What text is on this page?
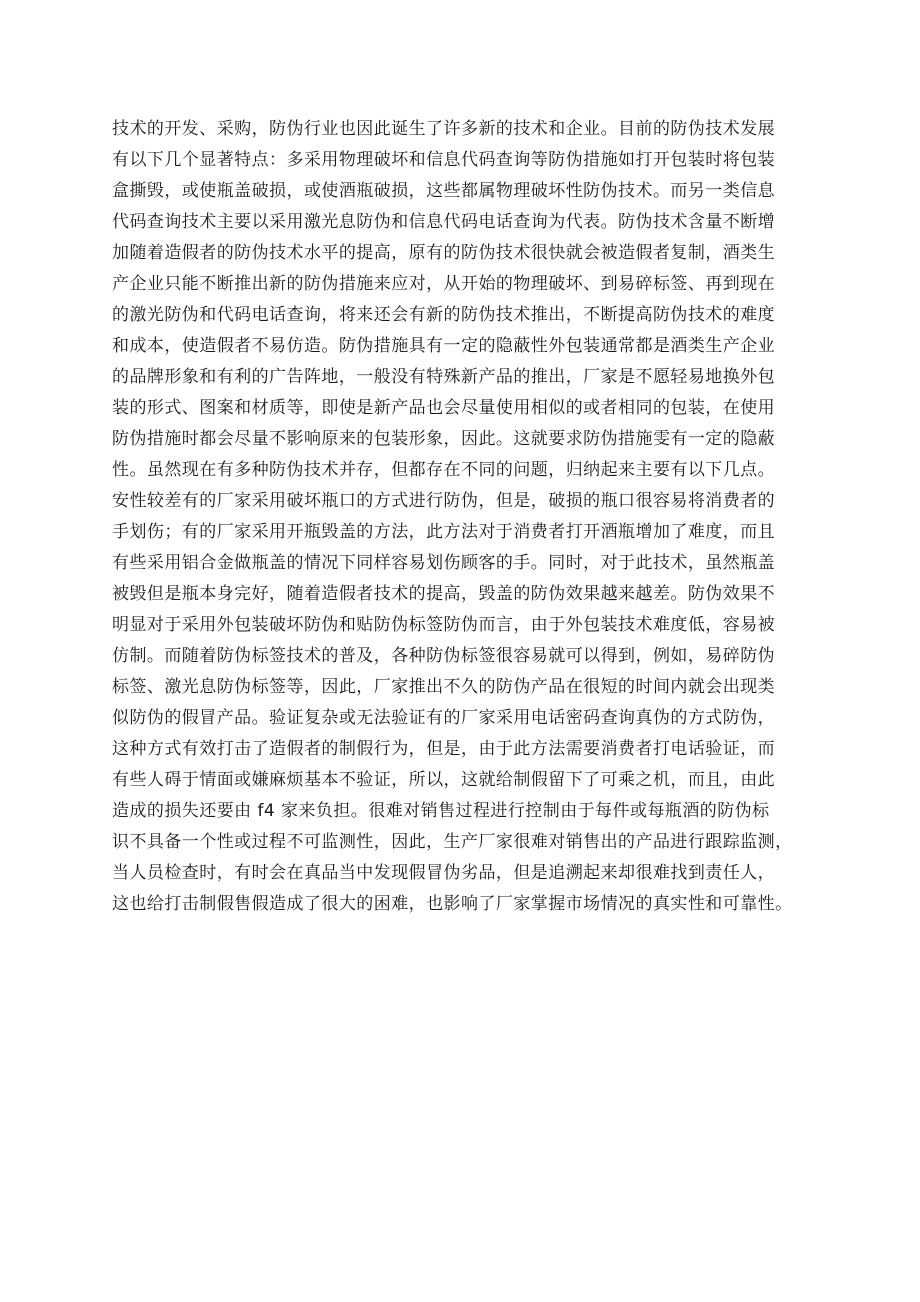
技术的开发、采购，防伪行业也因此诞生了许多新的技术和企业。目前的防伪技术发展
有以下几个显著特点：多采用物理破坏和信息代码查询等防伪措施如打开包装时将包装
盒撕毁，或使瓶盖破损，或使酒瓶破损，这些都属物理破坏性防伪技术。而另一类信息
代码查询技术主要以采用激光息防伪和信息代码电话查询为代表。防伪技术含量不断增
加随着造假者的防伪技术水平的提高，原有的防伪技术很快就会被造假者复制，酒类生
产企业只能不断推出新的防伪措施来应对，从开始的物理破坏、到易碎标签、再到现在
的激光防伪和代码电话查询，将来还会有新的防伪技术推出，不断提高防伪技术的难度
和成本，使造假者不易仿造。防伪措施具有一定的隐蔽性外包装通常都是酒类生产企业
的品牌形象和有利的广告阵地，一般没有特殊新产品的推出，厂家是不愿轻易地换外包
装的形式、图案和材质等，即使是新产品也会尽量使用相似的或者相同的包装，在使用
防伪措施时都会尽量不影响原来的包装形象，因此。这就要求防伪措施雯有一定的隐蔽
性。虽然现在有多种防伪技术并存，但都存在不同的问题，归纳起来主要有以下几点。
安性较差有的厂家采用破坏瓶口的方式进行防伪，但是，破损的瓶口很容易将消费者的
手划伤；有的厂家采用开瓶毁盖的方法，此方法对于消费者打开酒瓶增加了难度，而且
有些采用铝合金做瓶盖的情况下同样容易划伤顾客的手。同时，对于此技术，虽然瓶盖
被毁但是瓶本身完好，随着造假者技术的提高，毁盖的防伪效果越来越差。防伪效果不
明显对于采用外包装破坏防伪和贴防伪标签防伪而言，由于外包装技术难度低，容易被
仿制。而随着防伪标签技术的普及，各种防伪标签很容易就可以得到，例如，易碎防伪
标签、激光息防伪标签等，因此，厂家推出不久的防伪产品在很短的时间内就会出现类
似防伪的假冒产品。验证复杂或无法验证有的厂家采用电话密码查询真伪的方式防伪，
这种方式有效打击了造假者的制假行为，但是，由于此方法需要消费者打电话验证，而
有些人碍于情面或嫌麻烦基本不验证，所以，这就给制假留下了可乘之机，而且，由此
造成的损失还要由 f4 家来负担。很难对销售过程进行控制由于每件或每瓶酒的防伪标
识不具备一个性或过程不可监测性，因此，生产厂家很难对销售出的产品进行跟踪监测，
当人员检查时，有时会在真品当中发现假冒伪劣品，但是追溯起来却很难找到责任人，
这也给打击制假售假造成了很大的困难，也影响了厂家掌握市场情况的真实性和可靠性。
